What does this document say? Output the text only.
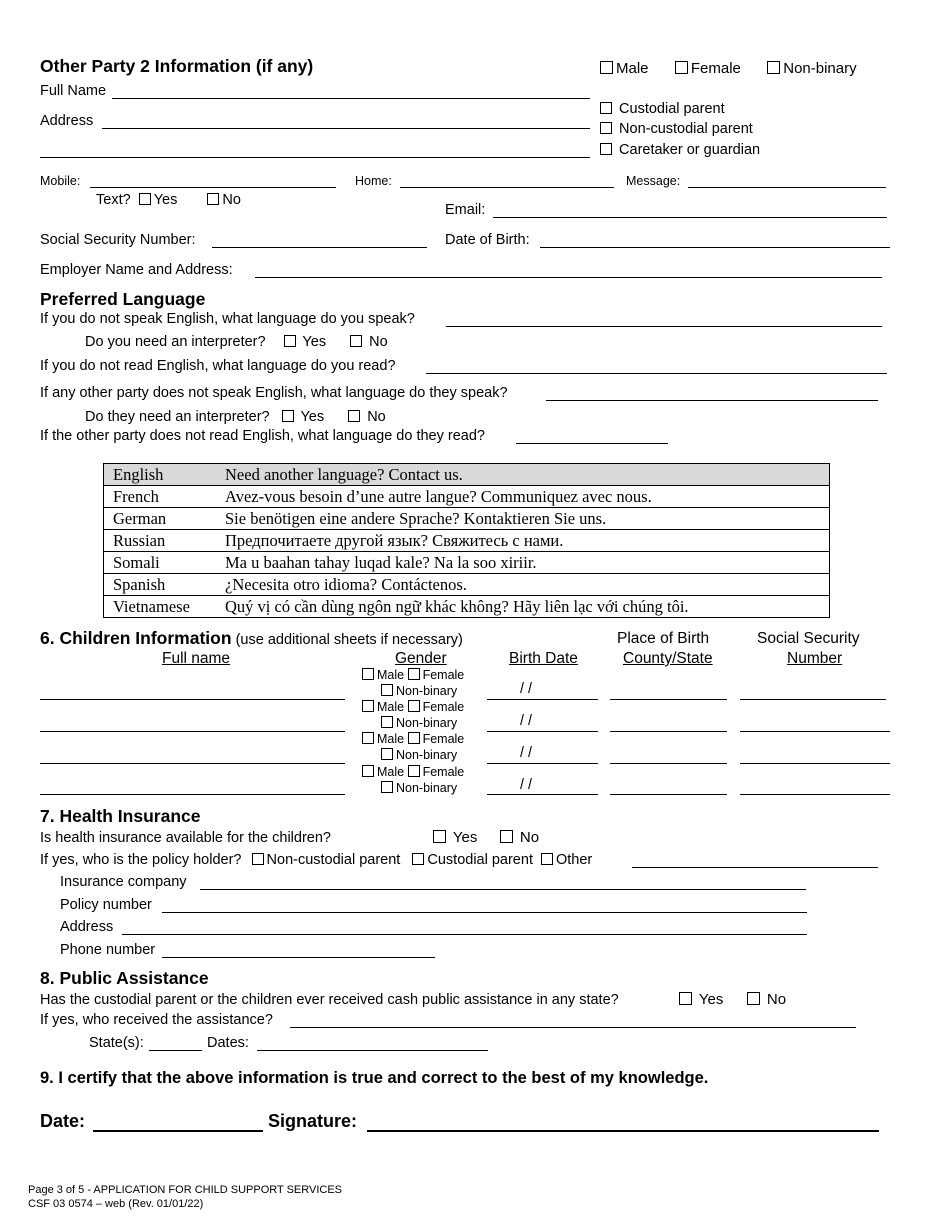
Other Party 2 Information (if any)	Male	Female	Non-binary
Full Name
Address
Custodial parent
Non-custodial parent
Caretaker or guardian
Mobile:	Home:	Message:
Text? Yes	No
Email:
Social Security Number:	Date of Birth:
Employer Name and Address:
Preferred Language
If you do not speak English, what language do you speak?
Do you need an interpreter?	Yes	No
If you do not read English, what language do you read?
If any other party does not speak English, what language do they speak?
Do they need an interpreter? Yes	No
If the other party does not read English, what language do they read?
English	Need another language? Contact us.
French	Avez-vous besoin d’une autre langue? Communiquez avec nous.
German	Sie benötigen eine andere Sprache? Kontaktieren Sie uns.
Russian	Предпочитаете другой язык? Свяжитесь с нами.
Somali	Ma u baahan tahay luqad kale? Na la soo xiriir.
Spanish	¿Necesita otro idioma? Contáctenos.
Vietnamese	Quý vị có cần dùng ngôn ngữ khác không? Hãy liên lạc với chúng tôi.
6. Children Information (use additional sheets if necessary)	Place of Birth	Social Security
Full name	Gender	Birth Date	County/State	Number
Male Female
Non-binary	/ /
Male Female
Non-binary	/ /
Male Female
Non-binary	/ /
Male Female
Non-binary	/ /
7. Health Insurance
Is health insurance available for the children?	Yes	No
If yes, who is the policy holder? Non-custodial parent Custodial parent Other
Insurance company
Policy number
Address
Phone number
8. Public Assistance
Has the custodial parent or the children ever received cash public assistance in any state?	Yes	No
If yes, who received the assistance?
State(s):	Dates:
9. I certify that the above information is true and correct to the best of my knowledge.
Date:	Signature:
Page 3 of 5 - APPLICATION FOR CHILD SUPPORT SERVICES
CSF 03 0574 – web (Rev. 01/01/22)
